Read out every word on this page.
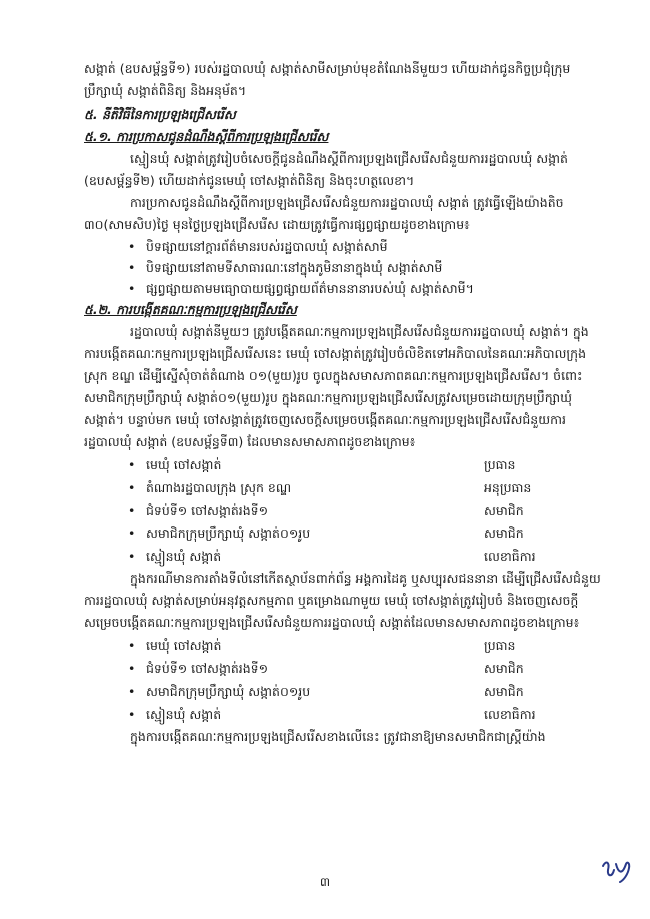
សង្កាត់ (ឧបសម្ព័ន្ធទី១) របស់រដ្ឋបាលឃុំ សង្កាត់សាមីសម្រាប់មុខតំណែងនីមួយៗ ហើយដាក់ជូនកិច្ចប្រជុំក្រុមប្រឹក្សាឃុំ សង្កាត់ពិនិត្យ និងអនុម័ត។

៥. នីតិវិធីនៃការប្រឡងជ្រើសរើស

៥.១. ការប្រកាសជូនដំណឹងស្តីពីការប្រឡងជ្រើសរើស

ស្មៀនឃុំ សង្កាត់ត្រូវរៀបចំសេចក្តីជូនដំណឹងស្តីពីការប្រឡងជ្រើសរើសជំនួយការរដ្ឋបាលឃុំ សង្កាត់ (ឧបសម្ព័ន្ធទី២) ហើយដាក់ជូនមេឃុំ ចៅសង្កាត់ពិនិត្យ និងចុះហត្ថលេខា។

ការប្រកាសជូនដំណឹងស្តីពីការប្រឡងជ្រើសរើសជំនួយការរដ្ឋបាលឃុំ សង្កាត់ ត្រូវធ្វើឡើងយ៉ាងតិច ៣០(សាមសិប)ថ្ងៃ មុនថ្ងៃប្រឡងជ្រើសរើស ដោយត្រូវធ្វើការផ្សព្វផ្សាយដូចខាងក្រោម៖

• បិទផ្សាយនៅក្តារព័ត៌មានរបស់រដ្ឋបាលឃុំ សង្កាត់សាមី
• បិទផ្សាយនៅតាមទីសាធារណៈនៅក្នុងភូមិនានាក្នុងឃុំ សង្កាត់សាមី
• ផ្សព្វផ្សាយតាមមធ្យោបាយផ្សព្វផ្សាយព័ត៌មាននានារបស់ឃុំ សង្កាត់សាមី។

៥.២. ការបង្កើតគណៈកម្មការប្រឡងជ្រើសរើស

រដ្ឋបាលឃុំ សង្កាត់នីមួយៗ ត្រូវបង្កើតគណៈកម្មការប្រឡងជ្រើសរើសជំនួយការរដ្ឋបាលឃុំ សង្កាត់។ ក្នុងការបង្កើតគណៈកម្មការប្រឡងជ្រើសរើសនេះ មេឃុំ ចៅសង្កាត់ត្រូវរៀបចំលិខិតទៅអភិបាលនៃគណៈអភិបាលក្រុង ស្រុក ខណ្ឌ ដើម្បីស្នើសុំចាត់តំណាង ០១(មួយ)រូប ចូលក្នុងសមាសភាពគណៈកម្មការប្រឡងជ្រើសរើស។ ចំពោះសមាជិកក្រុមប្រឹក្សាឃុំ សង្កាត់០១(មួយ)រូប ក្នុងគណៈកម្មការប្រឡងជ្រើសរើសត្រូវសម្រេចដោយក្រុមប្រឹក្សាឃុំ សង្កាត់។ បន្ទាប់មក មេឃុំ ចៅសង្កាត់ត្រូវចេញសេចក្តីសម្រេចបង្កើតគណៈកម្មការប្រឡងជ្រើសរើសជំនួយការរដ្ឋបាលឃុំ សង្កាត់ (ឧបសម្ព័ន្ធទី៣) ដែលមានសមាសភាពដូចខាងក្រោម៖

• មេឃុំ ចៅសង្កាត់	ប្រធាន
• តំណាងរដ្ឋបាលក្រុង ស្រុក ខណ្ឌ	អនុប្រធាន
• ជំទប់ទី១ ចៅសង្កាត់រងទី១	សមាជិក
• សមាជិកក្រុមប្រឹក្សាឃុំ សង្កាត់០១រូប	សមាជិក
• ស្មៀនឃុំ សង្កាត់	លេខាធិការ

ក្នុងករណីមានការតាំងទីលំនៅកើតស្ថាប័នពាក់ព័ន្ធ អង្គការដៃគូ ឬសប្បុរសជននានា ដើម្បីជ្រើសរើសជំនួយការរដ្ឋបាលឃុំ សង្កាត់សម្រាប់អនុវត្តសកម្មភាព ឬគម្រោងណាមួយ មេឃុំ ចៅសង្កាត់ត្រូវរៀបចំ និងចេញសេចក្តីសម្រេចបង្កើតគណៈកម្មការប្រឡងជ្រើសរើសជំនួយការរដ្ឋបាលឃុំ សង្កាត់ដែលមានសមាសភាពដូចខាងក្រោម៖

• មេឃុំ ចៅសង្កាត់	ប្រធាន
• ជំទប់ទី១ ចៅសង្កាត់រងទី១	សមាជិក
• សមាជិកក្រុមប្រឹក្សាឃុំ សង្កាត់០១រូប	សមាជិក
• ស្មៀនឃុំ សង្កាត់	លេខាធិការ

ក្នុងការបង្កើតគណៈកម្មការប្រឡងជ្រើសរើសខាងលើនេះ ត្រូវជានាឱ្យមានសមាជិកជាស្ត្រីយ៉ាង

៣
